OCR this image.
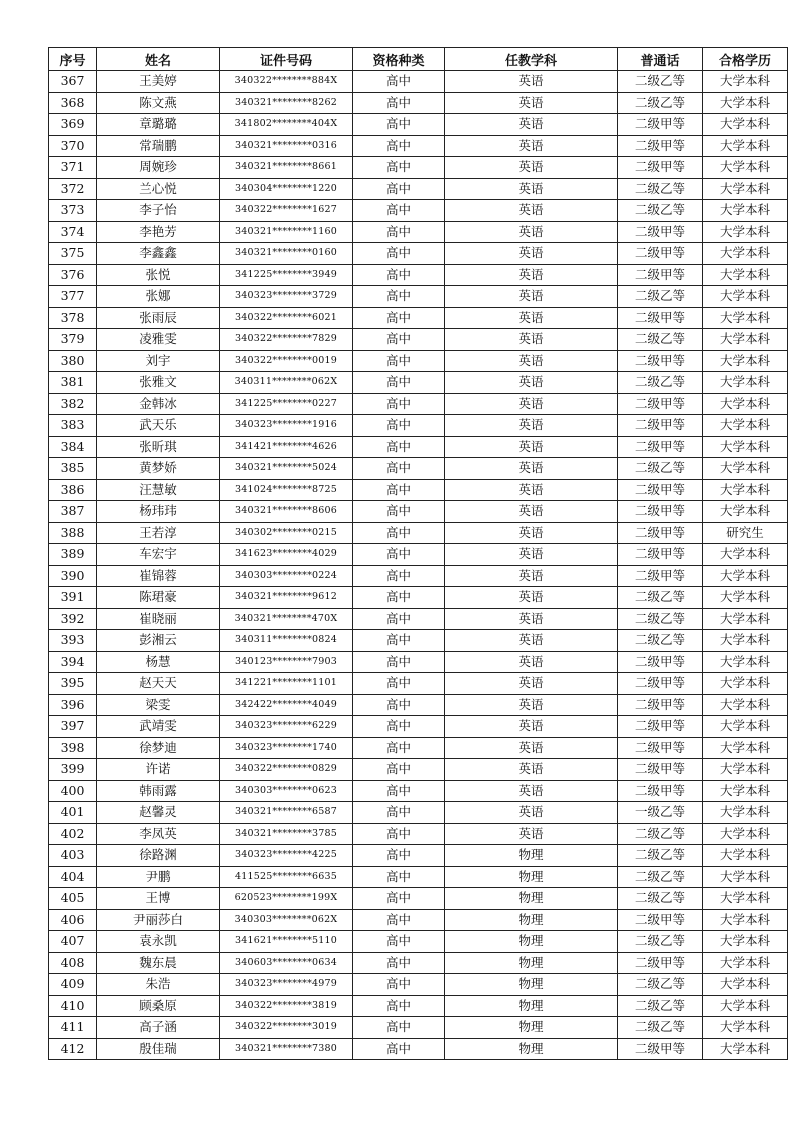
序号	姓名	证件号码	资格种类	任教学科	普通话	合格学历
367	王美婷	340322********884X	高中	英语	二级乙等	大学本科
368	陈文燕	340321********8262	高中	英语	二级乙等	大学本科
369	章璐璐	341802********404X	高中	英语	二级甲等	大学本科
370	常瑞鹏	340321********0316	高中	英语	二级甲等	大学本科
371	周婉珍	340321********8661	高中	英语	二级甲等	大学本科
372	兰心悦	340304********1220	高中	英语	二级乙等	大学本科
373	李子怡	340322********1627	高中	英语	二级乙等	大学本科
374	李艳芳	340321********1160	高中	英语	二级甲等	大学本科
375	李鑫鑫	340321********0160	高中	英语	二级甲等	大学本科
376	张悦	341225********3949	高中	英语	二级甲等	大学本科
377	张娜	340323********3729	高中	英语	二级乙等	大学本科
378	张雨辰	340322********6021	高中	英语	二级甲等	大学本科
379	凌雅雯	340322********7829	高中	英语	二级乙等	大学本科
380	刘宇	340322********0019	高中	英语	二级甲等	大学本科
381	张雅文	340311********062X	高中	英语	二级乙等	大学本科
382	金韩冰	341225********0227	高中	英语	二级甲等	大学本科
383	武天乐	340323********1916	高中	英语	二级甲等	大学本科
384	张昕琪	341421********4626	高中	英语	二级甲等	大学本科
385	黄梦娇	340321********5024	高中	英语	二级乙等	大学本科
386	汪慧敏	341024********8725	高中	英语	二级甲等	大学本科
387	杨玮玮	340321********8606	高中	英语	二级甲等	大学本科
388	王若淳	340302********0215	高中	英语	二级甲等	研究生
389	车宏宇	341623********4029	高中	英语	二级甲等	大学本科
390	崔锦蓉	340303********0224	高中	英语	二级甲等	大学本科
391	陈珺豪	340321********9612	高中	英语	二级乙等	大学本科
392	崔晓丽	340321********470X	高中	英语	二级乙等	大学本科
393	彭湘云	340311********0824	高中	英语	二级乙等	大学本科
394	杨慧	340123********7903	高中	英语	二级甲等	大学本科
395	赵天天	341221********1101	高中	英语	二级甲等	大学本科
396	梁雯	342422********4049	高中	英语	二级甲等	大学本科
397	武靖雯	340323********6229	高中	英语	二级甲等	大学本科
398	徐梦迪	340323********1740	高中	英语	二级甲等	大学本科
399	许诺	340322********0829	高中	英语	二级甲等	大学本科
400	韩雨露	340303********0623	高中	英语	二级甲等	大学本科
401	赵馨灵	340321********6587	高中	英语	一级乙等	大学本科
402	李凤英	340321********3785	高中	英语	二级乙等	大学本科
403	徐路渊	340323********4225	高中	物理	二级乙等	大学本科
404	尹鹏	411525********6635	高中	物理	二级乙等	大学本科
405	王博	620523********199X	高中	物理	二级乙等	大学本科
406	尹丽莎白	340303********062X	高中	物理	二级甲等	大学本科
407	袁永凯	341621********5110	高中	物理	二级乙等	大学本科
408	魏东晨	340603********0634	高中	物理	二级甲等	大学本科
409	朱浩	340323********4979	高中	物理	二级乙等	大学本科
410	顾桑原	340322********3819	高中	物理	二级乙等	大学本科
411	高子涵	340322********3019	高中	物理	二级乙等	大学本科
412	殷佳瑞	340321********7380	高中	物理	二级甲等	大学本科
